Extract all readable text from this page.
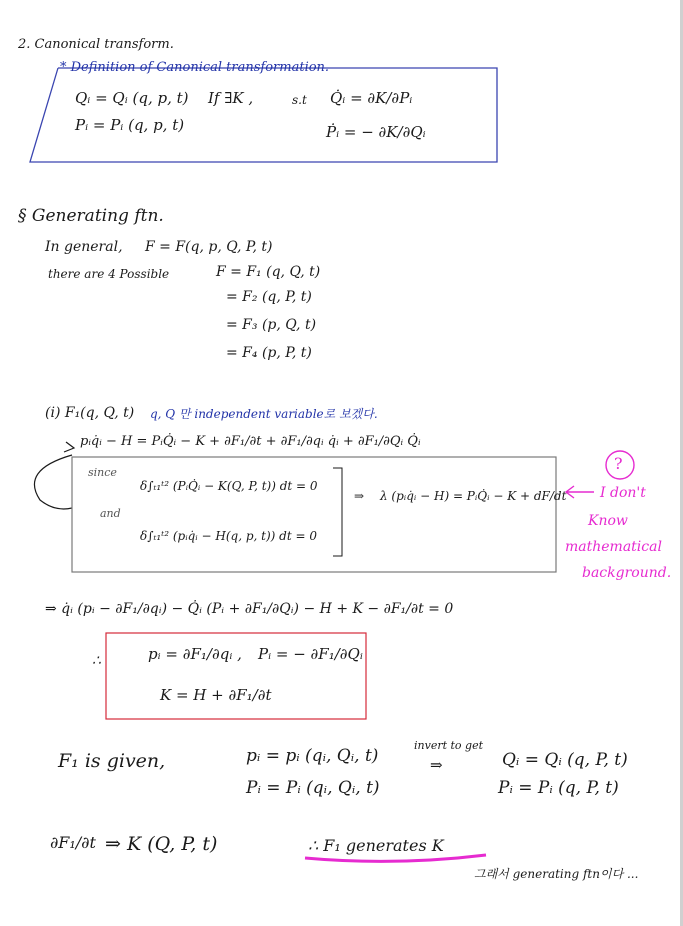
2. Canonical transform.
* Definition of Canonical transformation.
Qᵢ = Qᵢ (q, p, t)
Pᵢ = Pᵢ (q, p, t)
If ∃K ,	s.t Q̇ᵢ = ∂K/∂Pᵢ
Ṗᵢ = − ∂K/∂Qᵢ
§ Generating ftn.
In general, F = F(q, p, Q, P, t)
there are 4 Possible	F = F₁ (q, Q, t)
= F₂ (q, P, t)
= F₃ (p, Q, t)
= F₄ (p, P, t)
(i) F₁(q, Q, t) q, Q 만 independent variable로 보겠다.
pᵢq̇ᵢ − H = PᵢQ̇ᵢ − K + ∂F₁/∂t + ∂F₁/∂qᵢ q̇ᵢ + ∂F₁/∂Qᵢ Q̇ᵢ
since
and
δ∫ₜ₁ᵗ² (PᵢQ̇ᵢ − K(Q, P, t)) dt = 0
δ∫ₜ₁ᵗ² (pᵢq̇ᵢ − H(q, p, t)) dt = 0
⇒ λ (pᵢq̇ᵢ − H) = PᵢQ̇ᵢ − K + dF/dt
?
I don't
Know
mathematical
background.
⇒ q̇ᵢ (pᵢ − ∂F₁/∂qᵢ) − Q̇ᵢ (Pᵢ + ∂F₁/∂Qᵢ) − H + K − ∂F₁/∂t = 0
∴	pᵢ = ∂F₁/∂qᵢ , Pᵢ = − ∂F₁/∂Qᵢ
K = H + ∂F₁/∂t
F₁ is given,	pᵢ = pᵢ (qᵢ, Qᵢ, t)
Pᵢ = Pᵢ (qᵢ, Qᵢ, t)
invert to get
⇒	Qᵢ = Qᵢ (q, P, t)
Pᵢ = Pᵢ (q, P, t)
∂F₁/∂t ⇒ K (Q, P, t)	∴ F₁ generates K
그래서 generating ftn이다 ...
